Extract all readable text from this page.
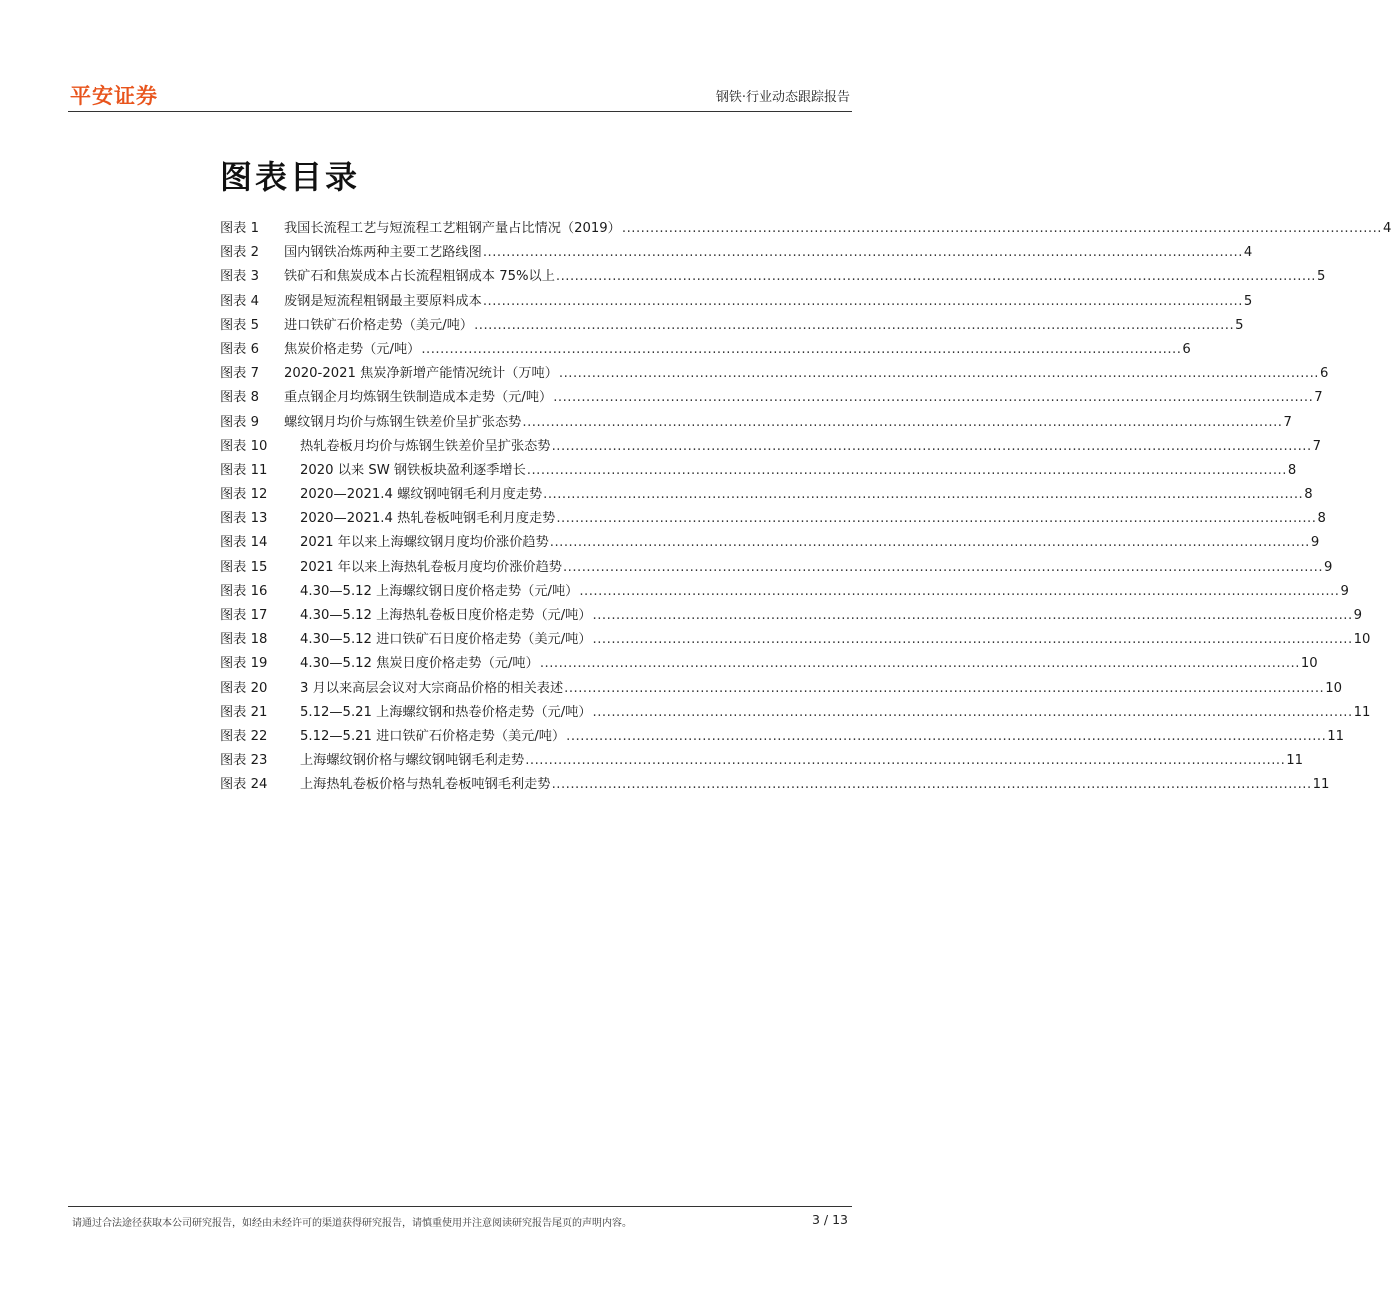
平安证券	钢铁·行业动态跟踪报告
图表目录
图表 1	我国长流程工艺与短流程工艺粗钢产量占比情况（2019） .....	4
图表 2	国内钢铁冶炼两种主要工艺路线图 .....	4
图表 3	铁矿石和焦炭成本占长流程粗钢成本 75%以上 .....	5
图表 4	废钢是短流程粗钢最主要原料成本 .....	5
图表 5	进口铁矿石价格走势（美元/吨） .....	5
图表 6	焦炭价格走势（元/吨） .....	6
图表 7	2020-2021 焦炭净新增产能情况统计（万吨） .....	6
图表 8	重点钢企月均炼钢生铁制造成本走势（元/吨） .....	7
图表 9	螺纹钢月均价与炼钢生铁差价呈扩张态势 .....	7
图表 10	热轧卷板月均价与炼钢生铁差价呈扩张态势 .....	7
图表 11	2020 以来 SW 钢铁板块盈利逐季增长 .....	8
图表 12	2020—2021.4 螺纹钢吨钢毛利月度走势 .....	8
图表 13	2020—2021.4 热轧卷板吨钢毛利月度走势 .....	8
图表 14	2021 年以来上海螺纹钢月度均价涨价趋势 .....	9
图表 15	2021 年以来上海热轧卷板月度均价涨价趋势 .....	9
图表 16	4.30—5.12 上海螺纹钢日度价格走势（元/吨） .....	9
图表 17	4.30—5.12 上海热轧卷板日度价格走势（元/吨） .....	9
图表 18	4.30—5.12 进口铁矿石日度价格走势（美元/吨） .....	10
图表 19	4.30—5.12 焦炭日度价格走势（元/吨） .....	10
图表 20	3 月以来高层会议对大宗商品价格的相关表述 .....	10
图表 21	5.12—5.21 上海螺纹钢和热卷价格走势（元/吨） .....	11
图表 22	5.12—5.21 进口铁矿石价格走势（美元/吨） .....	11
图表 23	上海螺纹钢价格与螺纹钢吨钢毛利走势 .....	11
图表 24	上海热轧卷板价格与热轧卷板吨钢毛利走势 .....	11
请通过合法途径获取本公司研究报告，如经由未经许可的渠道获得研究报告，请慎重使用并注意阅读研究报告尾页的声明内容。	3 / 13
